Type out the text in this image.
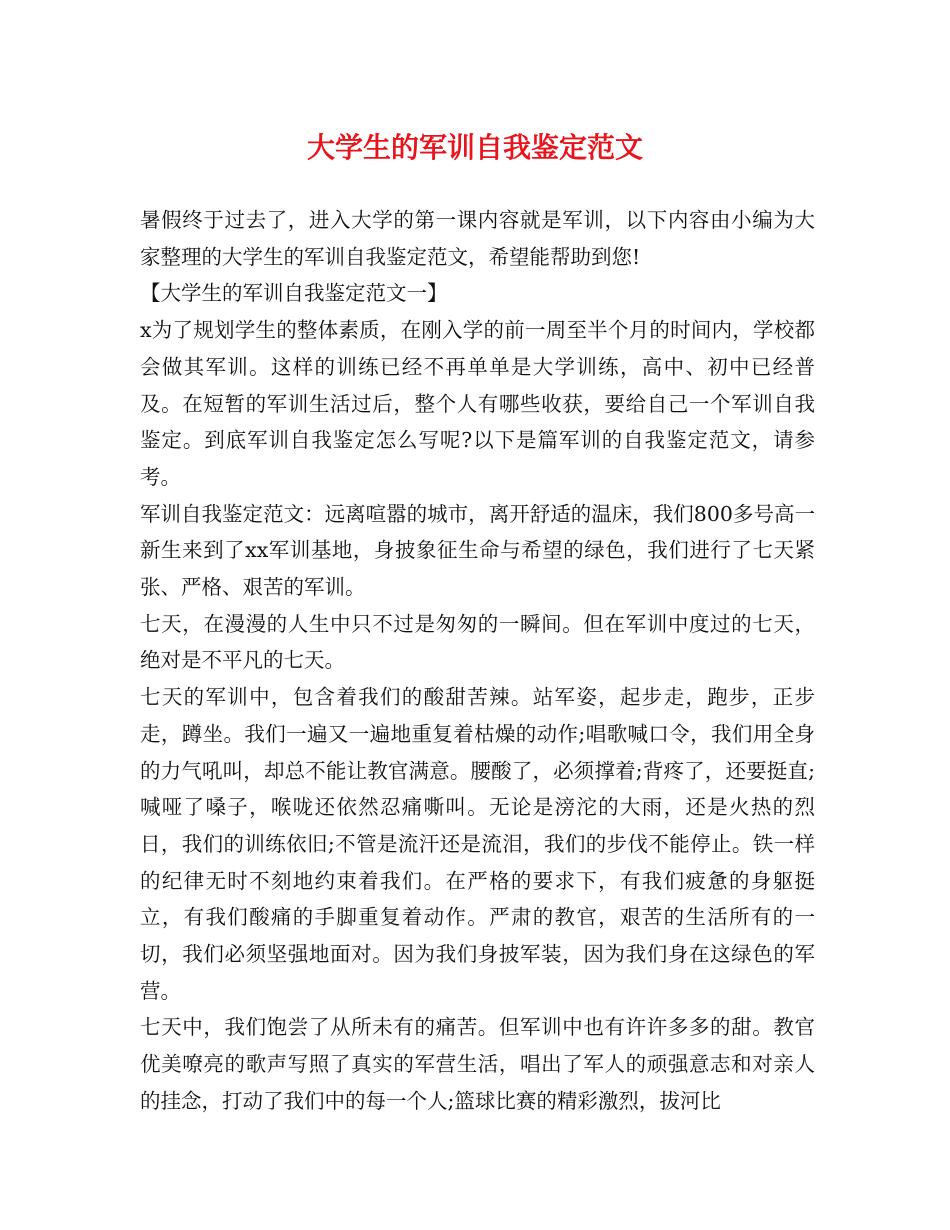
大学生的军训自我鉴定范文

暑假终于过去了，进入大学的第一课内容就是军训，以下内容由小编为大家整理的大学生的军训自我鉴定范文，希望能帮助到您!

【大学生的军训自我鉴定范文一】

x为了规划学生的整体素质，在刚入学的前一周至半个月的时间内，学校都会做其军训。这样的训练已经不再单单是大学训练，高中、初中已经普及。在短暂的军训生活过后，整个人有哪些收获，要给自己一个军训自我鉴定。到底军训自我鉴定怎么写呢?以下是篇军训的自我鉴定范文，请参考。

军训自我鉴定范文：远离喧嚣的城市，离开舒适的温床，我们800多号高一新生来到了xx军训基地，身披象征生命与希望的绿色，我们进行了七天紧张、严格、艰苦的军训。

七天，在漫漫的人生中只不过是匆匆的一瞬间。但在军训中度过的七天，绝对是不平凡的七天。

七天的军训中，包含着我们的酸甜苦辣。站军姿，起步走，跑步，正步走，蹲坐。我们一遍又一遍地重复着枯燥的动作;唱歌喊口令，我们用全身的力气吼叫，却总不能让教官满意。腰酸了，必须撑着;背疼了，还要挺直;喊哑了嗓子，喉咙还依然忍痛嘶叫。无论是滂沱的大雨，还是火热的烈日，我们的训练依旧;不管是流汗还是流泪，我们的步伐不能停止。铁一样的纪律无时不刻地约束着我们。在严格的要求下，有我们疲惫的身躯挺立，有我们酸痛的手脚重复着动作。严肃的教官，艰苦的生活所有的一切，我们必须坚强地面对。因为我们身披军装，因为我们身在这绿色的军营。

七天中，我们饱尝了从所未有的痛苦。但军训中也有许许多多的甜。教官优美嘹亮的歌声写照了真实的军营生活，唱出了军人的顽强意志和对亲人的挂念，打动了我们中的每一个人;篮球比赛的精彩激烈，拔河比
